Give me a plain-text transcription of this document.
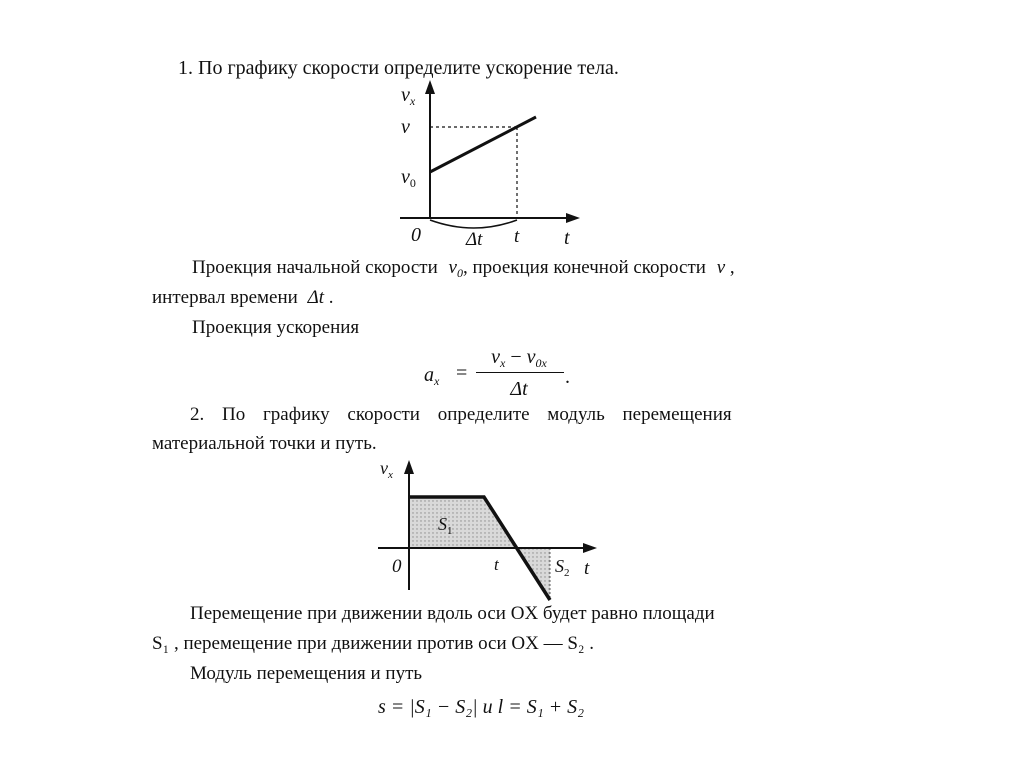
1. По графику скорости определите ускорение тела.
$v_x$
v
$v_0$
0 Δt t t
Проекция начальной скорости $v_0$, проекция конечной скорости v ,
интервал времени Δt .
Проекция ускорения
$a_x$ =
$v_x - v_{0x}$
Δt
.
2. По графику скорости определите модуль перемещения
материальной точки и путь.
$v_x$
0
$S_1$
t	$S_2$ t
Перемещение при движении вдоль оси OX будет равно площади
S₁ , перемещение при движении против оси OX — S₂ .
Модуль перемещения и путь
s = |S₁ − S₂| и l = S₁ + S₂
